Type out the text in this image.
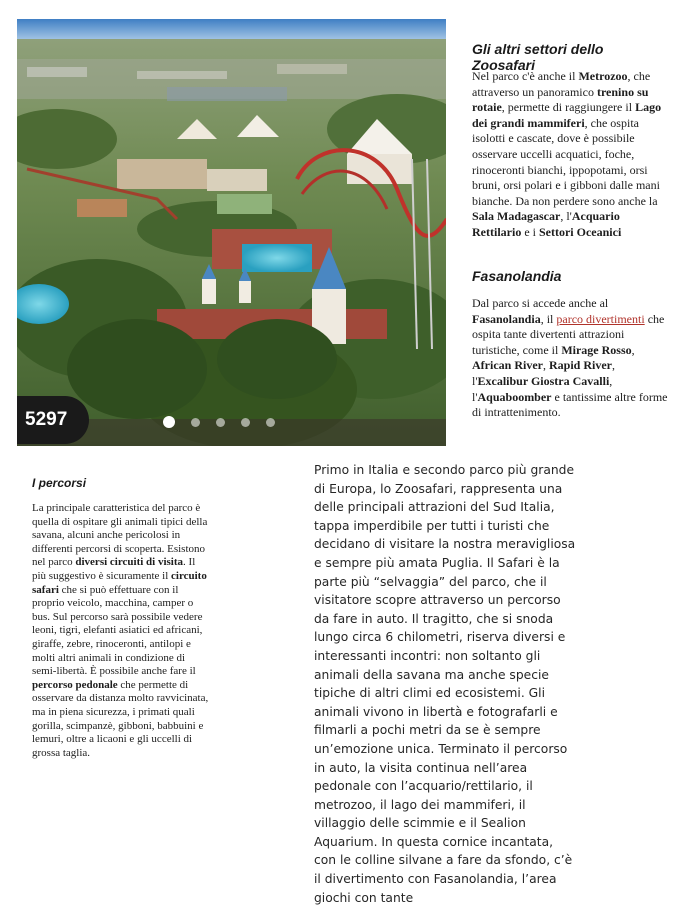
5297
Gli altri settori dello Zoosafari

Nel parco c'è anche il Metrozoo, che attraverso un panoramico trenino su rotaie, permette di raggiungere il Lago dei grandi mammiferi, che ospita isolotti e cascate, dove è possibile osservare uccelli acquatici, foche, rinoceronti bianchi, ippopotami, orsi bruni, orsi polari e i gibboni dalle mani bianche. Da non perdere sono anche la Sala Madagascar, l'Acquario Rettilario e i Settori Oceanici

Fasanolandia

Dal parco si accede anche al Fasanolandia, il parco divertimenti che ospita tante divertenti attrazioni turistiche, come il Mirage Rosso, African River, Rapid River, l'Excalibur Giostra Cavalli, l'Aquaboomber e tantissime altre forme di intrattenimento.

I percorsi

La principale caratteristica del parco è quella di ospitare gli animali tipici della savana, alcuni anche pericolosi in differenti percorsi di scoperta. Esistono nel parco diversi circuiti di visita. Il più suggestivo è sicuramente il circuito safari che si può effettuare con il proprio veicolo, macchina, camper o bus. Sul percorso sarà possibile vedere leoni, tigri, elefanti asiatici ed africani, giraffe, zebre, rinoceronti, antilopi e molti altri animali in condizione di semi-libertà. È possibile anche fare il percorso pedonale che permette di osservare da distanza molto ravvicinata, ma in piena sicurezza, i primati quali gorilla, scimpanzè, gibboni, babbuini e lemuri, oltre a licaoni e gli uccelli di grossa taglia.

Primo in Italia e secondo parco più grande di Europa, lo Zoosafari, rappresenta una delle principali attrazioni del Sud Italia, tappa imperdibile per tutti i turisti che decidano di visitare la nostra meravigliosa e sempre più amata Puglia. Il Safari è la parte più “selvaggia” del parco, che il visitatore scopre attraverso un percorso da fare in auto. Il tragitto, che si snoda lungo circa 6 chilometri, riserva diversi e interessanti incontri: non soltanto gli animali della savana ma anche specie tipiche di altri climi ed ecosistemi. Gli animali vivono in libertà e fotografarli e filmarli a pochi metri da se è sempre un’emozione unica. Terminato il percorso in auto, la visita continua nell’area pedonale con l’acquario/rettilario, il metrozoo, il lago dei mammiferi, il villaggio delle scimmie e il Sealion Aquarium. In questa cornice incantata, con le colline silvane a fare da sfondo, c’è il divertimento con Fasanolandia, l’area giochi con tante
